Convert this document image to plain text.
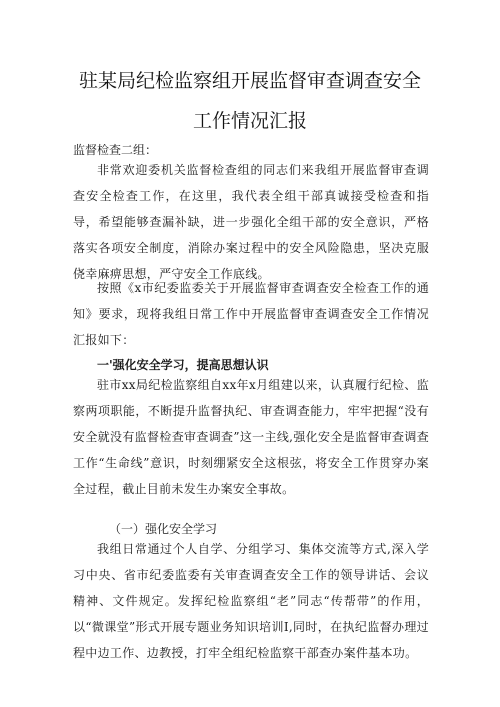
驻某局纪检监察组开展监督审查调查安全
工作情况汇报
监督检查二组：
非常欢迎委机关监督检查组的同志们来我组开展监督审查调查安全检查工作，在这里，我代表全组干部真诚接受检查和指导，希望能够查漏补缺，进一步强化全组干部的安全意识，严格落实各项安全制度，消除办案过程中的安全风险隐患，坚决克服侥幸麻痹思想，严守安全工作底线。
按照《x市纪委监委关于开展监督审查调查安全检查工作的通知》要求，现将我组日常工作中开展监督审查调查安全工作情况汇报如下：
一'强化安全学习，提高思想认识
驻市xx局纪检监察组自xx年x月组建以来，认真履行纪检、监察两项职能，不断提升监督执纪、审查调查能力，牢牢把握“没有安全就没有监督检查审查调查”这一主线,强化安全是监督审查调查工作“生命线”意识，时刻绷紧安全这根弦，将安全工作贯穿办案全过程，截止目前未发生办案安全事故。
（一）强化安全学习
我组日常通过个人自学、分组学习、集体交流等方式,深入学习中央、省市纪委监委有关审查调查安全工作的领导讲话、会议精神、文件规定。发挥纪检监察组“老”同志“传帮带”的作用，以“微课堂”形式开展专题业务知识培训I,同时，在执纪监督办理过程中边工作、边教授，打牢全组纪检监察干部查办案件基本功。
